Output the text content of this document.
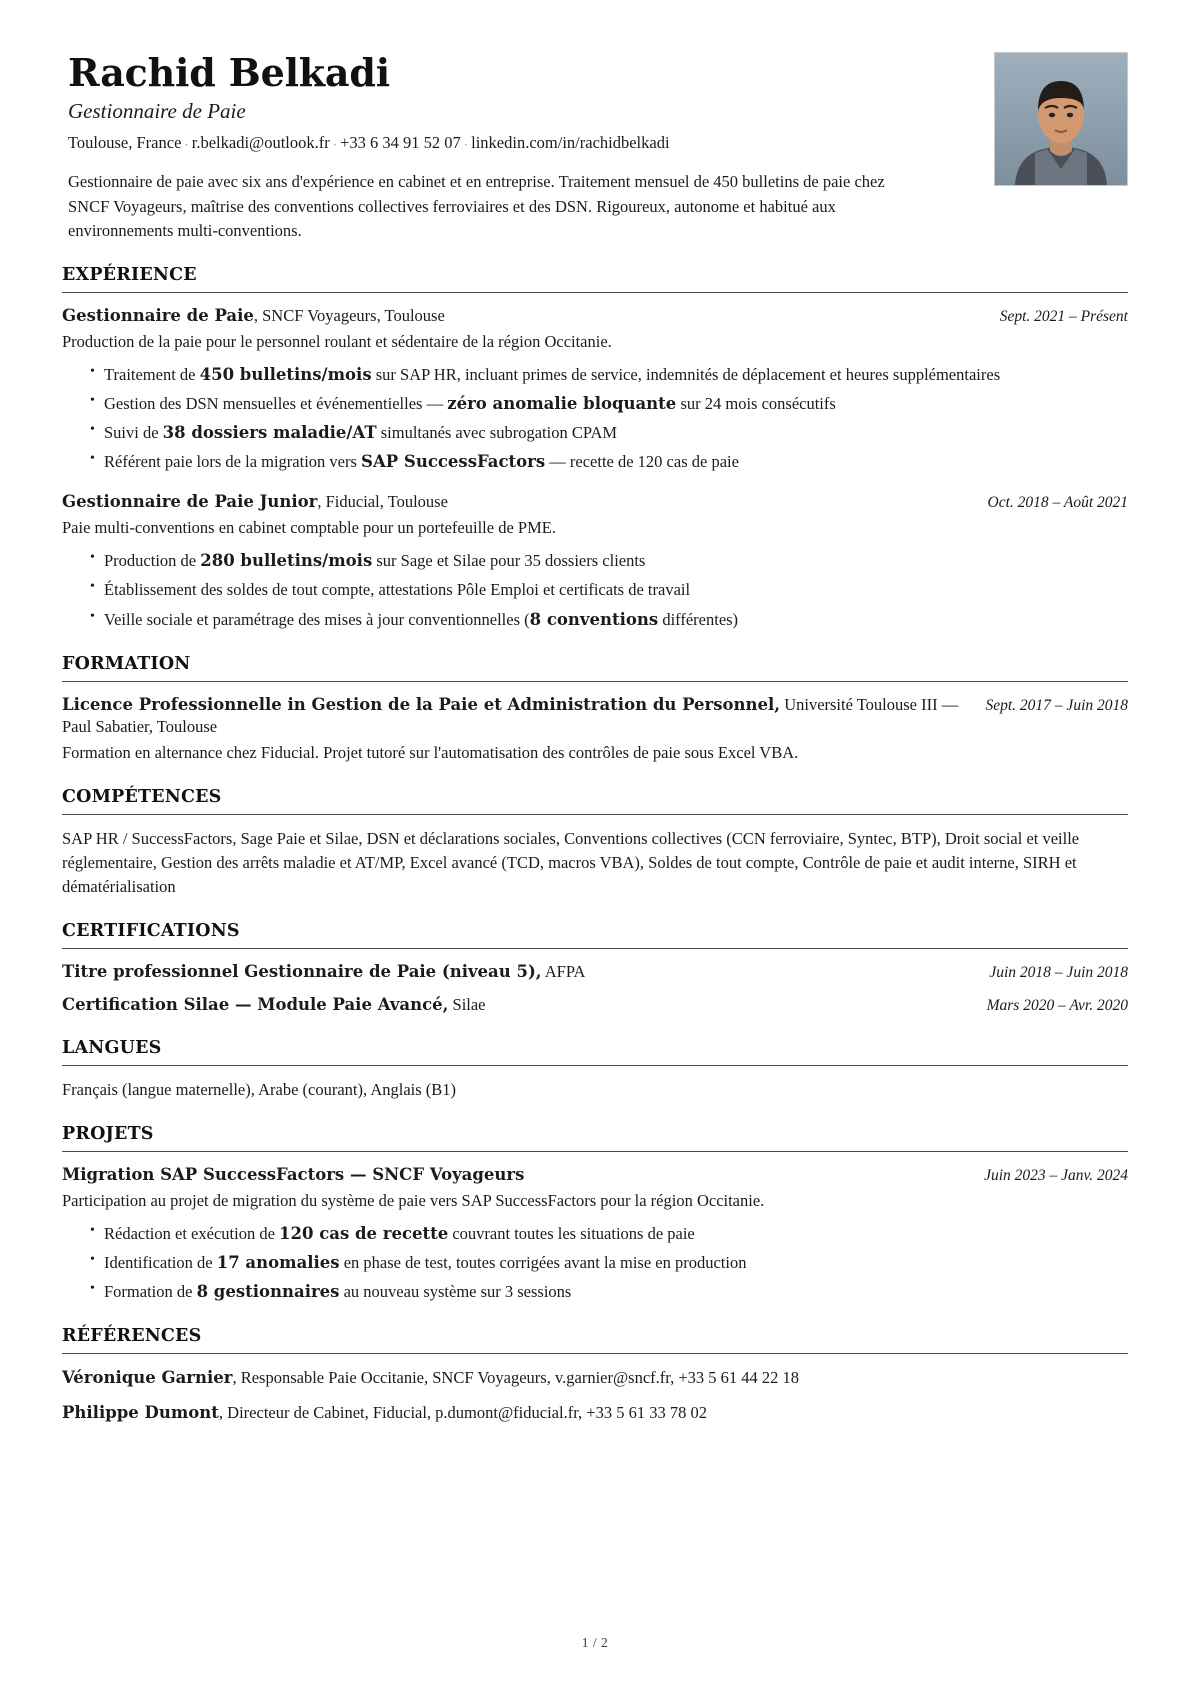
Rachid Belkadi
Gestionnaire de Paie
Toulouse, France · r.belkadi@outlook.fr · +33 6 34 91 52 07 · linkedin.com/in/rachidbelkadi

Gestionnaire de paie avec six ans d'expérience en cabinet et en entreprise. Traitement mensuel de 450 bulletins de paie chez SNCF Voyageurs, maîtrise des conventions collectives ferroviaires et des DSN. Rigoureux, autonome et habitué aux environnements multi-conventions.

EXPÉRIENCE
Gestionnaire de Paie, SNCF Voyageurs, Toulouse	Sept. 2021 – Présent
Production de la paie pour le personnel roulant et sédentaire de la région Occitanie.
• Traitement de 450 bulletins/mois sur SAP HR, incluant primes de service, indemnités de déplacement et heures supplémentaires
• Gestion des DSN mensuelles et événementielles — zéro anomalie bloquante sur 24 mois consécutifs
• Suivi de 38 dossiers maladie/AT simultanés avec subrogation CPAM
• Référent paie lors de la migration vers SAP SuccessFactors — recette de 120 cas de paie
Gestionnaire de Paie Junior, Fiducial, Toulouse	Oct. 2018 – Août 2021
Paie multi-conventions en cabinet comptable pour un portefeuille de PME.
• Production de 280 bulletins/mois sur Sage et Silae pour 35 dossiers clients
• Établissement des soldes de tout compte, attestations Pôle Emploi et certificats de travail
• Veille sociale et paramétrage des mises à jour conventionnelles (8 conventions différentes)
FORMATION
Licence Professionnelle in Gestion de la Paie et Administration du Personnel, Université Toulouse III — Paul Sabatier, Toulouse
Sept. 2017 – Juin 2018
Formation en alternance chez Fiducial. Projet tutoré sur l'automatisation des contrôles de paie sous Excel VBA.
COMPÉTENCES

SAP HR / SuccessFactors, Sage Paie et Silae, DSN et déclarations sociales, Conventions collectives (CCN ferroviaire, Syntec, BTP), Droit social et veille réglementaire, Gestion des arrêts maladie et AT/MP, Excel avancé (TCD, macros VBA), Soldes de tout compte, Contrôle de paie et audit interne, SIRH et dématérialisation

CERTIFICATIONS
Titre professionnel Gestionnaire de Paie (niveau 5), AFPA	Juin 2018 – Juin 2018
Certification Silae — Module Paie Avancé, Silae	Mars 2020 – Avr. 2020
LANGUES

Français (langue maternelle), Arabe (courant), Anglais (B1)

PROJETS
Migration SAP SuccessFactors — SNCF Voyageurs	Juin 2023 – Janv. 2024
Participation au projet de migration du système de paie vers SAP SuccessFactors pour la région Occitanie.
• Rédaction et exécution de 120 cas de recette couvrant toutes les situations de paie
• Identification de 17 anomalies en phase de test, toutes corrigées avant la mise en production
• Formation de 8 gestionnaires au nouveau système sur 3 sessions
RÉFÉRENCES
Véronique Garnier, Responsable Paie Occitanie, SNCF Voyageurs, v.garnier@sncf.fr, +33 5 61 44 22 18
Philippe Dumont, Directeur de Cabinet, Fiducial, p.dumont@fiducial.fr, +33 5 61 33 78 02
1 / 2
